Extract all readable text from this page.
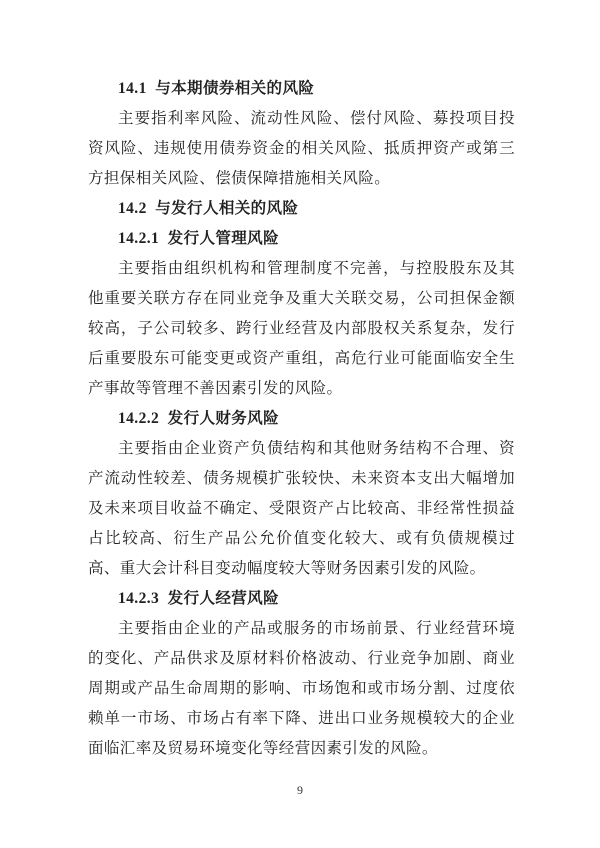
14.1 与本期债券相关的风险

主要指利率风险、流动性风险、偿付风险、募投项目投资风险、违规使用债券资金的相关风险、抵质押资产或第三方担保相关风险、偿债保障措施相关风险。

14.2 与发行人相关的风险
14.2.1 发行人管理风险

主要指由组织机构和管理制度不完善，与控股股东及其他重要关联方存在同业竞争及重大关联交易，公司担保金额较高，子公司较多、跨行业经营及内部股权关系复杂，发行后重要股东可能变更或资产重组，高危行业可能面临安全生产事故等管理不善因素引发的风险。

14.2.2 发行人财务风险

主要指由企业资产负债结构和其他财务结构不合理、资产流动性较差、债务规模扩张较快、未来资本支出大幅增加及未来项目收益不确定、受限资产占比较高、非经常性损益占比较高、衍生产品公允价值变化较大、或有负债规模过高、重大会计科目变动幅度较大等财务因素引发的风险。

14.2.3 发行人经营风险

主要指由企业的产品或服务的市场前景、行业经营环境的变化、产品供求及原材料价格波动、行业竞争加剧、商业周期或产品生命周期的影响、市场饱和或市场分割、过度依赖单一市场、市场占有率下降、进出口业务规模较大的企业面临汇率及贸易环境变化等经营因素引发的风险。

9
